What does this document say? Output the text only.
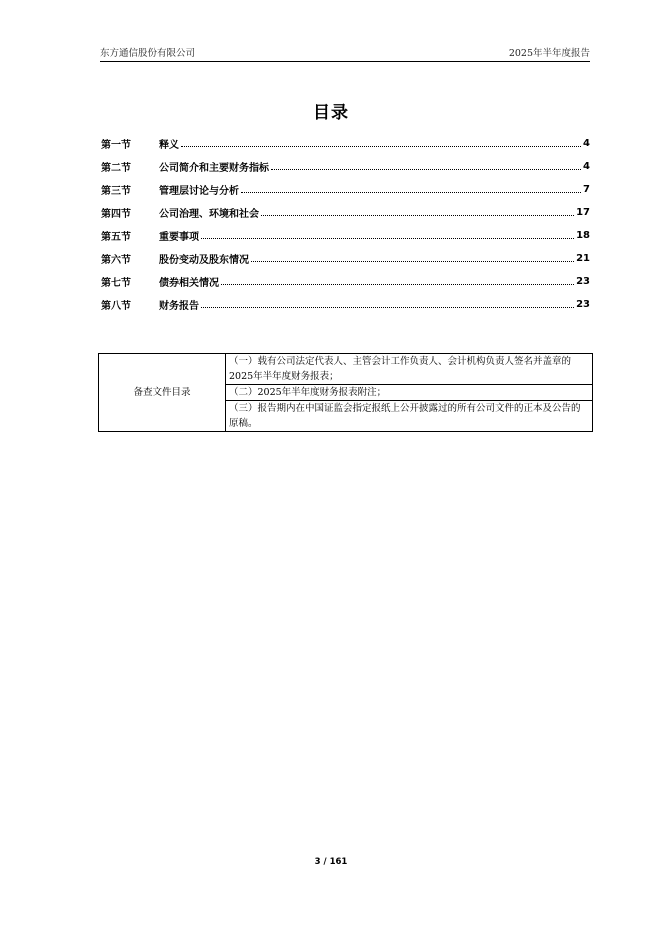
东方通信股份有限公司	2025年半年度报告
目录
第一节	释义	4
第二节	公司简介和主要财务指标	4
第三节	管理层讨论与分析	7
第四节	公司治理、环境和社会	17
第五节	重要事项	18
第六节	股份变动及股东情况	21
第七节	债券相关情况	23
第八节	财务报告	23
备查文件目录	（一）载有公司法定代表人、主管会计工作负责人、会计机构负责人签名并盖章的2025年半年度财务报表；
（二）2025年半年度财务报表附注；
（三）报告期内在中国证监会指定报纸上公开披露过的所有公司文件的正本及公告的原稿。
3 / 161
